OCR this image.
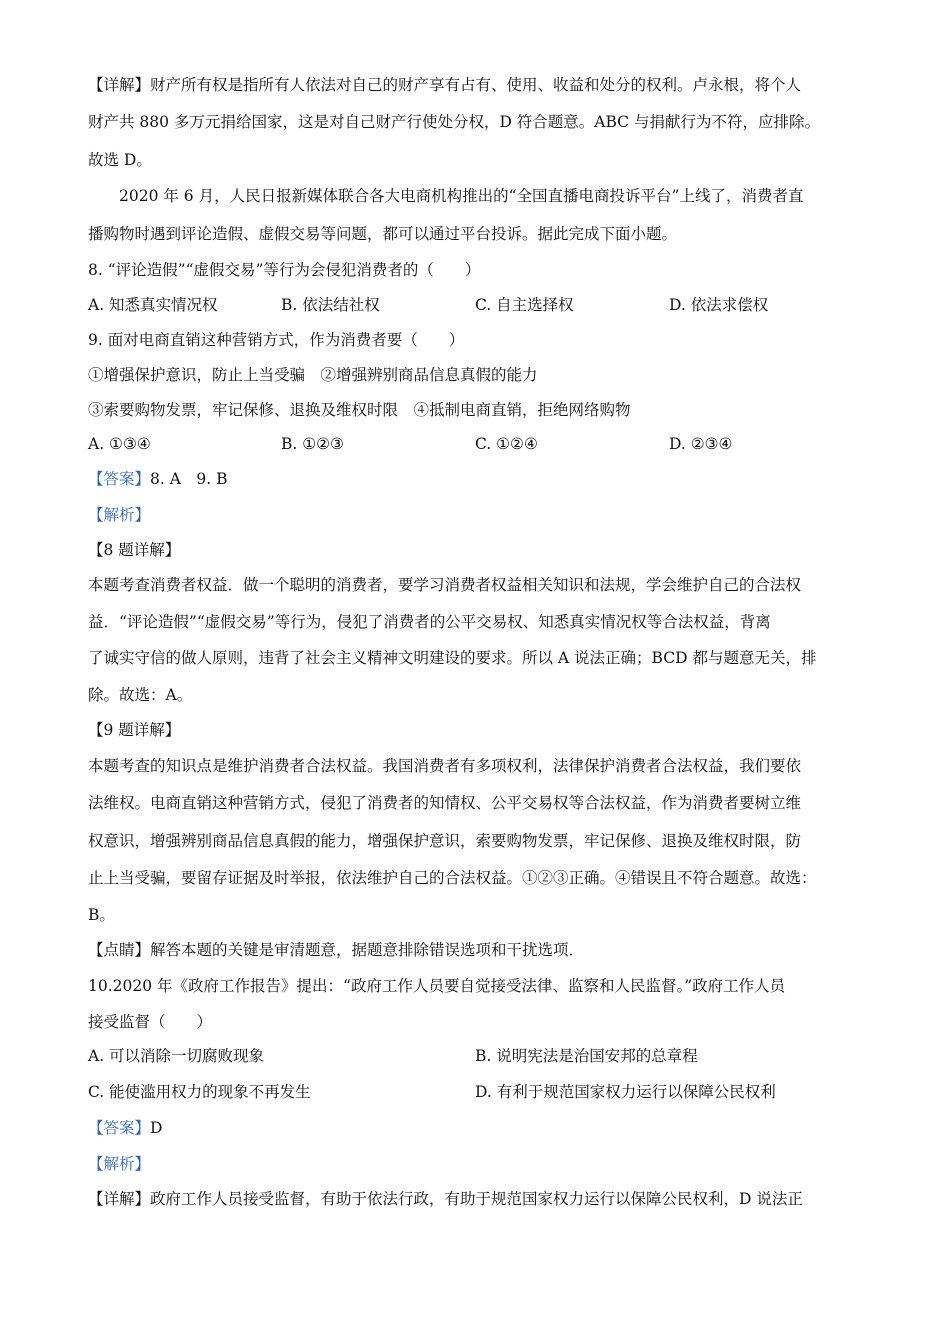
【详解】财产所有权是指所有人依法对自己的财产享有占有、使用、收益和处分的权利。卢永根，将个人
财产共 880 多万元捐给国家，这是对自己财产行使处分权，D 符合题意。ABC 与捐献行为不符，应排除。
故选 D。
2020 年 6 月，人民日报新媒体联合各大电商机构推出的“全国直播电商投诉平台”上线了，消费者直
播购物时遇到评论造假、虚假交易等问题，都可以通过平台投诉。据此完成下面小题。
8. “评论造假”“虚假交易”等行为会侵犯消费者的（　　）
A. 知悉真实情况权	B. 依法结社权	C. 自主选择权	D. 依法求偿权
9. 面对电商直销这种营销方式，作为消费者要（　　）
①增强保护意识，防止上当受骗　②增强辨别商品信息真假的能力
③索要购物发票，牢记保修、退换及维权时限　④抵制电商直销，拒绝网络购物
A. ①③④	B. ①②③	C. ①②④	D. ②③④
【答案】8. A　9. B
【解析】
【8 题详解】
本题考查消费者权益．做一个聪明的消费者，要学习消费者权益相关知识和法规，学会维护自己的合法权
益．“评论造假”“虚假交易”等行为，侵犯了消费者的公平交易权、知悉真实情况权等合法权益，背离
了诚实守信的做人原则，违背了社会主义精神文明建设的要求。所以 A 说法正确；BCD 都与题意无关，排
除。故选：A。
【9 题详解】
本题考查的知识点是维护消费者合法权益。我国消费者有多项权利，法律保护消费者合法权益，我们要依
法维权。电商直销这种营销方式，侵犯了消费者的知情权、公平交易权等合法权益，作为消费者要树立维
权意识，增强辨别商品信息真假的能力，增强保护意识，索要购物发票，牢记保修、退换及维权时限，防
止上当受骗，要留存证据及时举报，依法维护自己的合法权益。①②③正确。④错误且不符合题意。故选：
B。
【点睛】解答本题的关键是审清题意，据题意排除错误选项和干扰选项．
10.2020 年《政府工作报告》提出：“政府工作人员要自觉接受法律、监察和人民监督。”政府工作人员
接受监督（　　）
A. 可以消除一切腐败现象	B. 说明宪法是治国安邦的总章程
C. 能使滥用权力的现象不再发生	D. 有利于规范国家权力运行以保障公民权利
【答案】D
【解析】
【详解】政府工作人员接受监督，有助于依法行政，有助于规范国家权力运行以保障公民权利，D 说法正
